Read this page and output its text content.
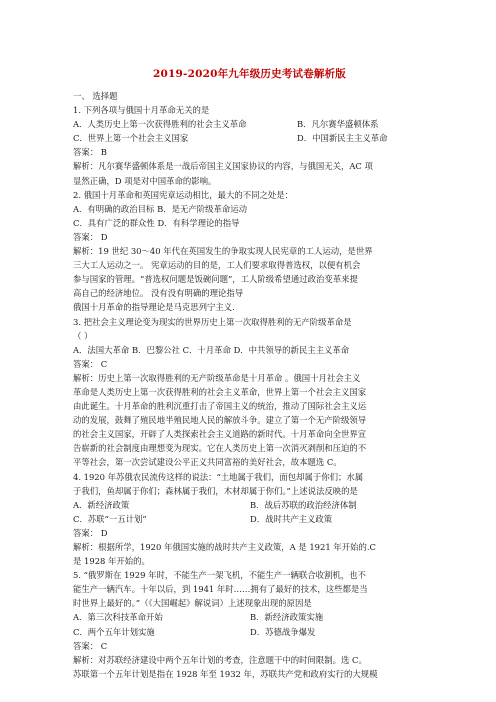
2019-2020年九年级历史考试卷解析版
一、 选择题
1. 下列各项与俄国十月革命无关的是
A．人类历史上第一次获得胜利的社会主义革命	B．凡尔赛华盛顿体系
C．世界上第一个社会主义国家	D．中国新民主主义革命
答案： B
解析：凡尔赛华盛顿体系是一战后帝国主义国家协议的内容，与俄国无关，AC 项
显然正确，D 项是对中国革命的影响。
2. 俄国十月革命和英国宪章运动相比，最大的不同之处是：
A．有明确的政治目标 B．是无产阶级革命运动
C．具有广泛的群众性 D．有科学理论的指导
答案： D
解析：19 世纪 30～40 年代在英国发生的争取实现人民宪章的工人运动，是世界
三大工人运动之一。 宪章运动的目的是，工人们要求取得普选权，以便有机会
参与国家的管理。“普选权问题是饭碗问题”，工人阶级希望通过政治变革来提
高自己的经济地位。 没有没有明确的理论指导
俄国十月革命的指导理论是马克思列宁主义.
3. 把社会主义理论变为现实的世界历史上第一次取得胜利的无产阶级革命是
（ ）
A．法国大革命 B．巴黎公社 C．十月革命 D．中共领导的新民主主义革命
答案： C
解析：历史上第一次取得胜利的无产阶级革命是十月革命 。俄国十月社会主义
革命是人类历史上第一次获得胜利的社会主义革命，世界上第一个社会主义国家
由此诞生。十月革命的胜利沉重打击了帝国主义的统治，推动了国际社会主义运
动的发展，鼓舞了殖民地半殖民地人民的解放斗争。建立了第一个无产阶级领导
的社会主义国家，开辟了人类探索社会主义道路的新时代。十月革命向全世界宣
告崭新的社会制度由理想变为现实。它在人类历史上第一次消灭剥削和压迫的不
平等社会，第一次尝试建设公平正义共同富裕的美好社会，故本题选 C。
4. 1920 年苏俄农民流传这样的说法：“土地属于我们，面包却属于你们；水属
于我们，鱼却属于你们；森林属于我们，木材却属于你们。”上述说法反映的是
A．新经济政策	B．战后苏联的政治经济体制
C．苏联“一五计划”	D．战时共产主义政策
答案： D
解析：根据所学，1920 年俄国实施的战时共产主义政策，A 是 1921 年开始的.C
是 1928 年开始的。
5. “俄罗斯在 1929 年时，不能生产一架飞机，不能生产一辆联合收割机，也不
能生产一辆汽车。十年以后，到 1941 年时……拥有了最好的技术，这些都是当
时世界上最好的。”（《大国崛起》解说词）上述现象出现的原因是
A．第三次科技革命开始	B．新经济政策实施
C．两个五年计划实施	D．苏德战争爆发
答案： C
解析：对苏联经济建设中两个五年计划的考查，注意题干中的时间限制。选 C。
苏联第一个五年计划是指在 1928 年至 1932 年，苏联共产党和政府实行的大规模
